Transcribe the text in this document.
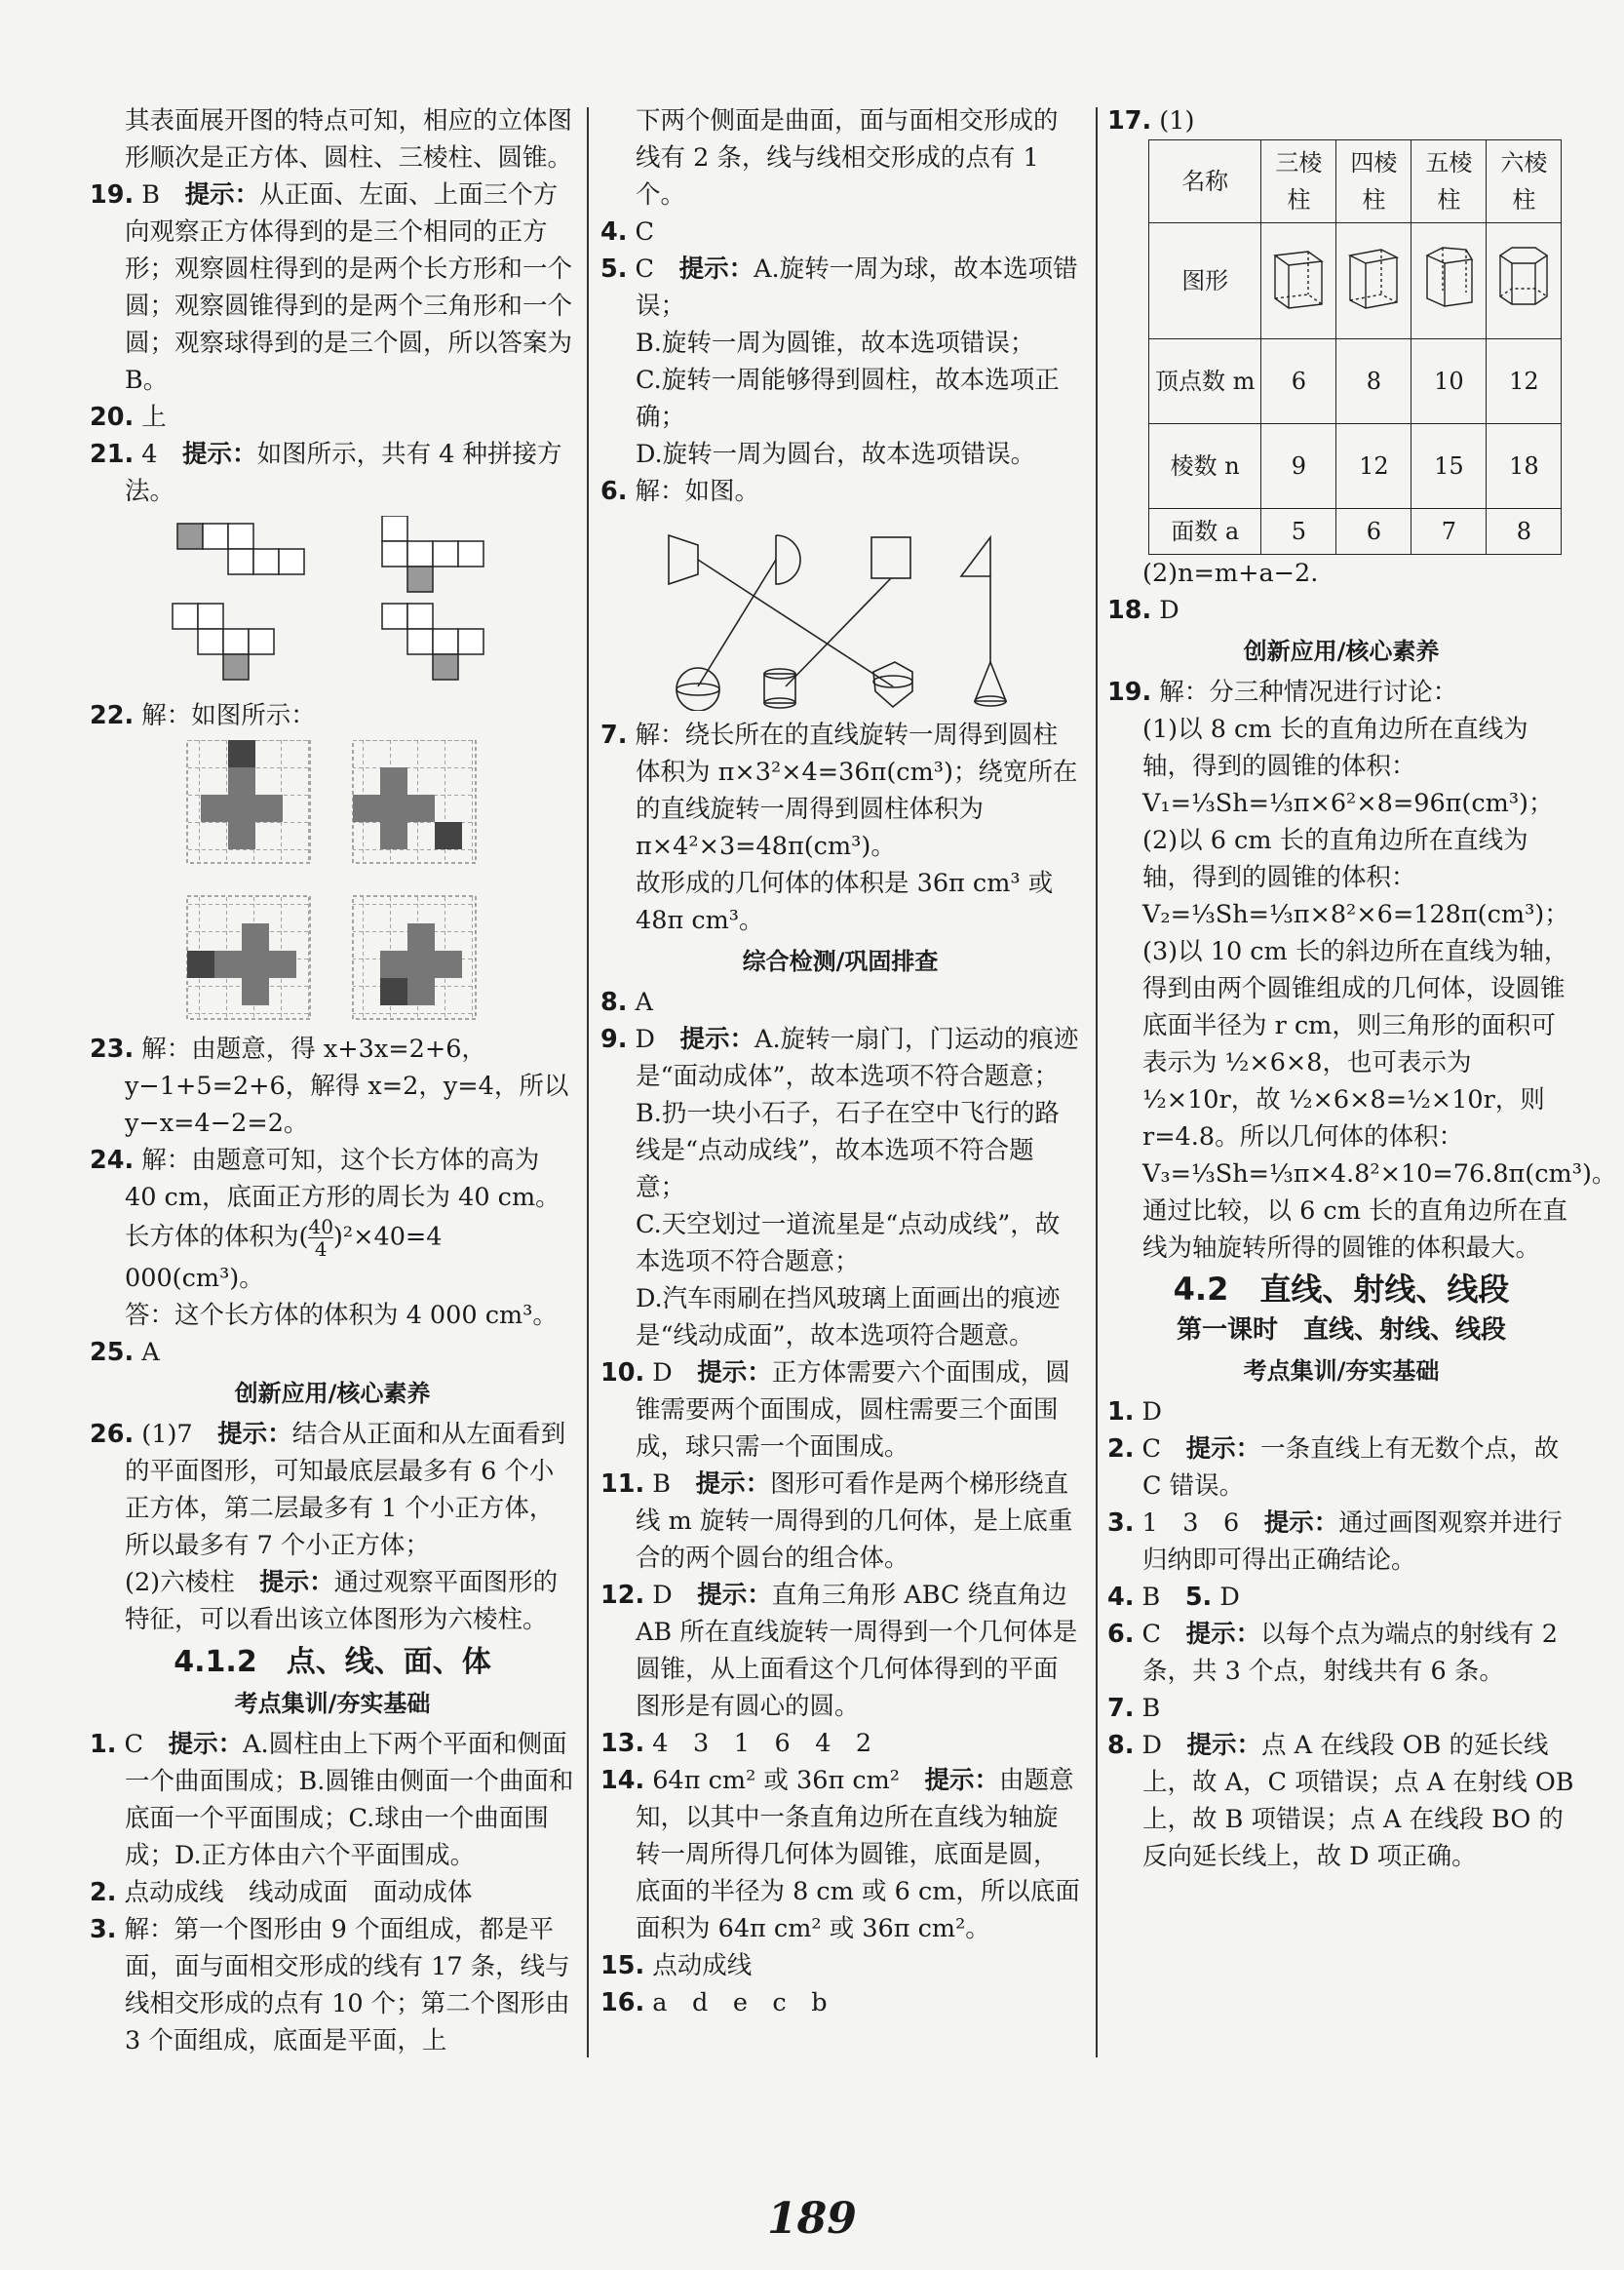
其表面展开图的特点可知，相应的立体图形顺次是正方体、圆柱、三棱柱、圆锥。

19. B　 提示：从正面、左面、上面三个方向观察正方体得到的是三个相同的正方形；观察圆柱得到的是两个长方形和一个圆；观察圆锥得到的是两个三角形和一个圆；观察球得到的是三个圆，所以答案为 B。

20. 上

21. 4　 提示：如图所示，共有 4 种拼接方法。

22. 解：如图所示：

23. 解：由题意，得 x+3x=2+6，y−1+5=2+6，解得 x=2，y=4，所以 y−x=4−2=2。

24. 解：由题意可知，这个长方体的高为 40 cm，底面正方形的周长为 40 cm。

长方体的体积为( $\frac{40}{4} )^2\times 40=4$ 000(cm³)。

答：这个长方体的体积为 4 000 cm³。

25. A

创新应用/核心素养

26. (1)7　 提示：结合从正面和从左面看到的平面图形，可知最底层最多有 6 个小正方体，第二层最多有 1 个小正方体，所以最多有 7 个小正方体；

(2)六棱柱　 提示：通过观察平面图形的特征，可以看出该立体图形为六棱柱。

4.1.2　点、线、面、体

考点集训/夯实基础

1. C　 提示：A.圆柱由上下两个平面和侧面一个曲面围成；B.圆锥由侧面一个曲面和底面一个平面围成；C.球由一个曲面围成；D.正方体由六个平面围成。

2. 点动成线　线动成面　面动成体

3. 解：第一个图形由 9 个面组成，都是平面，面与面相交形成的线有 17 条，线与线相交形成的点有 10 个；第二个图形由 3 个面组成，底面是平面，上

下两个侧面是曲面，面与面相交形成的线有 2 条，线与线相交形成的点有 1 个。

4. C

5. C　 提示：A.旋转一周为球，故本选项错误；

B.旋转一周为圆锥，故本选项错误；

C.旋转一周能够得到圆柱，故本选项正确；

D.旋转一周为圆台，故本选项错误。

6. 解：如图。

7. 解：绕长所在的直线旋转一周得到圆柱体积为 π×3²×4=36π(cm³)；绕宽所在的直线旋转一周得到圆柱体积为 π×4²×3=48π(cm³)。

故形成的几何体的体积是 36π cm³ 或 48π cm³。

综合检测/巩固排查

8. A

9. D　 提示：A.旋转一扇门，门运动的痕迹是“面动成体”，故本选项不符合题意；

B.扔一块小石子，石子在空中飞行的路线是“点动成线”，故本选项不符合题意；

C.天空划过一道流星是“点动成线”，故本选项不符合题意；

D.汽车雨刷在挡风玻璃上面画出的痕迹是“线动成面”，故本选项符合题意。

10. D　 提示：正方体需要六个面围成，圆锥需要两个面围成，圆柱需要三个面围成，球只需一个面围成。

11. B　 提示：图形可看作是两个梯形绕直线 m 旋转一周得到的几何体，是上底重合的两个圆台的组合体。

12. D　 提示：直角三角形 ABC 绕直角边 AB 所在直线旋转一周得到一个几何体是圆锥，从上面看这个几何体得到的平面图形是有圆心的圆。

13. 4　3　1　6　4　2

14. 64π cm² 或 36π cm²　 提示：由题意知，以其中一条直角边所在直线为轴旋转一周所得几何体为圆锥，底面是圆，底面的半径为 8 cm 或 6 cm，所以底面面积为 64π cm² 或 36π cm²。

15. 点动成线

16. a　d　e　c　b

17. (1)

名称	三棱柱	四棱柱	五棱柱	六棱柱
图形				
顶点数 m	6	8	10	12
棱数 n	9	12	15	18
面数 a	5	6	7	8

(2)n=m+a−2.

18. D

创新应用/核心素养

19. 解：分三种情况进行讨论：

(1)以 8 cm 长的直角边所在直线为轴，得到的圆锥的体积：

V₁=⅓Sh=⅓π×6²×8=96π(cm³)；

(2)以 6 cm 长的直角边所在直线为轴，得到的圆锥的体积：

V₂=⅓Sh=⅓π×8²×6=128π(cm³)；

(3)以 10 cm 长的斜边所在直线为轴，得到由两个圆锥组成的几何体，设圆锥底面半径为 r cm，则三角形的面积可表示为 ½×6×8，也可表示为 ½×10r，故 ½×6×8=½×10r，则 r=4.8。所以几何体的体积：

V₃=⅓Sh=⅓π×4.8²×10=76.8π(cm³)。

通过比较，以 6 cm 长的直角边所在直线为轴旋转所得的圆锥的体积最大。

4.2　直线、射线、线段

第一课时　直线、射线、线段

考点集训/夯实基础

1. D

2. C　 提示：一条直线上有无数个点，故 C 错误。

3. 1　3　6　 提示：通过画图观察并进行归纳即可得出正确结论。

4. B　 5. D

6. C　 提示：以每个点为端点的射线有 2 条，共 3 个点，射线共有 6 条。

7. B

8. D　 提示：点 A 在线段 OB 的延长线上，故 A，C 项错误；点 A 在射线 OB 上，故 B 项错误；点 A 在线段 BO 的反向延长线上，故 D 项正确。

189
